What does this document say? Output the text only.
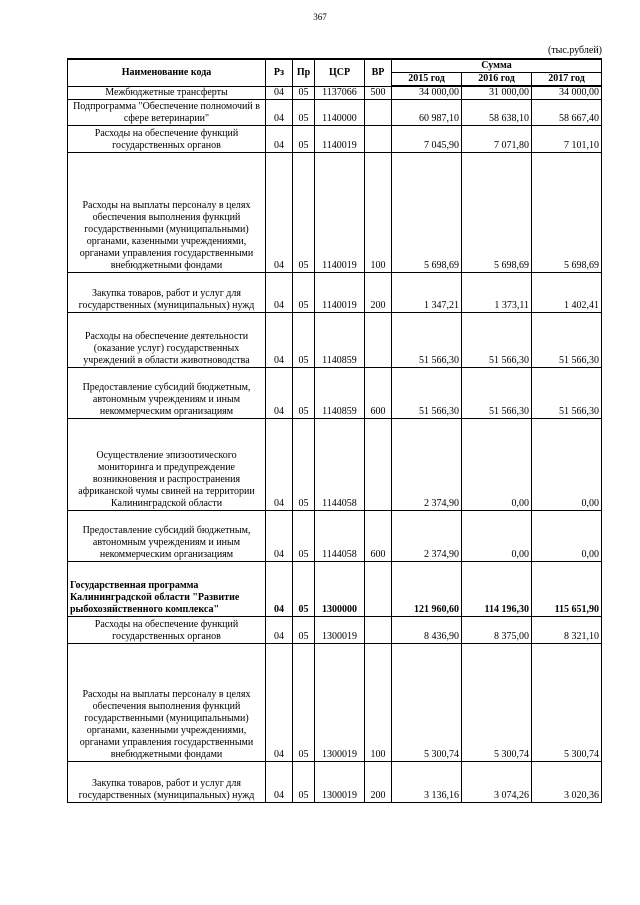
367
(тыс.рублей)
Наименование кода	Рз	Пр	ЦСР	ВР	Сумма		
					2015 год	2016 год	2017 год
Межбюджетные трансферты	04	05	1137066	500	34 000,00	31 000,00	34 000,00
Подпрограмма "Обеспечение полномочий в сфере ветеринарии"	04	05	1140000		60 987,10	58 638,10	58 667,40
Расходы на обеспечение функций государственных органов	04	05	1140019		7 045,90	7 071,80	7 101,10
Расходы на выплаты персоналу в целях обеспечения выполнения функций государственными (муниципальными) органами, казенными учреждениями, органами управления государственными внебюджетными фондами	04	05	1140019	100	5 698,69	5 698,69	5 698,69
Закупка товаров, работ и услуг для государственных (муниципальных) нужд	04	05	1140019	200	1 347,21	1 373,11	1 402,41
Расходы на обеспечение деятельности (оказание услуг) государственных учреждений в области животноводства	04	05	1140859		51 566,30	51 566,30	51 566,30
Предоставление субсидий бюджетным, автономным учреждениям и иным некоммерческим организациям	04	05	1140859	600	51 566,30	51 566,30	51 566,30
Осуществление эпизоотического мониторинга и предупреждение возникновения и распространения африканской чумы свиней на территории Калининградской области	04	05	1144058		2 374,90	0,00	0,00
Предоставление субсидий бюджетным, автономным учреждениям и иным некоммерческим организациям	04	05	1144058	600	2 374,90	0,00	0,00
Государственная программа Калининградской области "Развитие рыбохозяйственного комплекса"	04	05	1300000		121 960,60	114 196,30	115 651,90
Расходы на обеспечение функций государственных органов	04	05	1300019		8 436,90	8 375,00	8 321,10
Расходы на выплаты персоналу в целях обеспечения выполнения функций государственными (муниципальными) органами, казенными учреждениями, органами управления государственными внебюджетными фондами	04	05	1300019	100	5 300,74	5 300,74	5 300,74
Закупка товаров, работ и услуг для государственных (муниципальных) нужд	04	05	1300019	200	3 136,16	3 074,26	3 020,36
